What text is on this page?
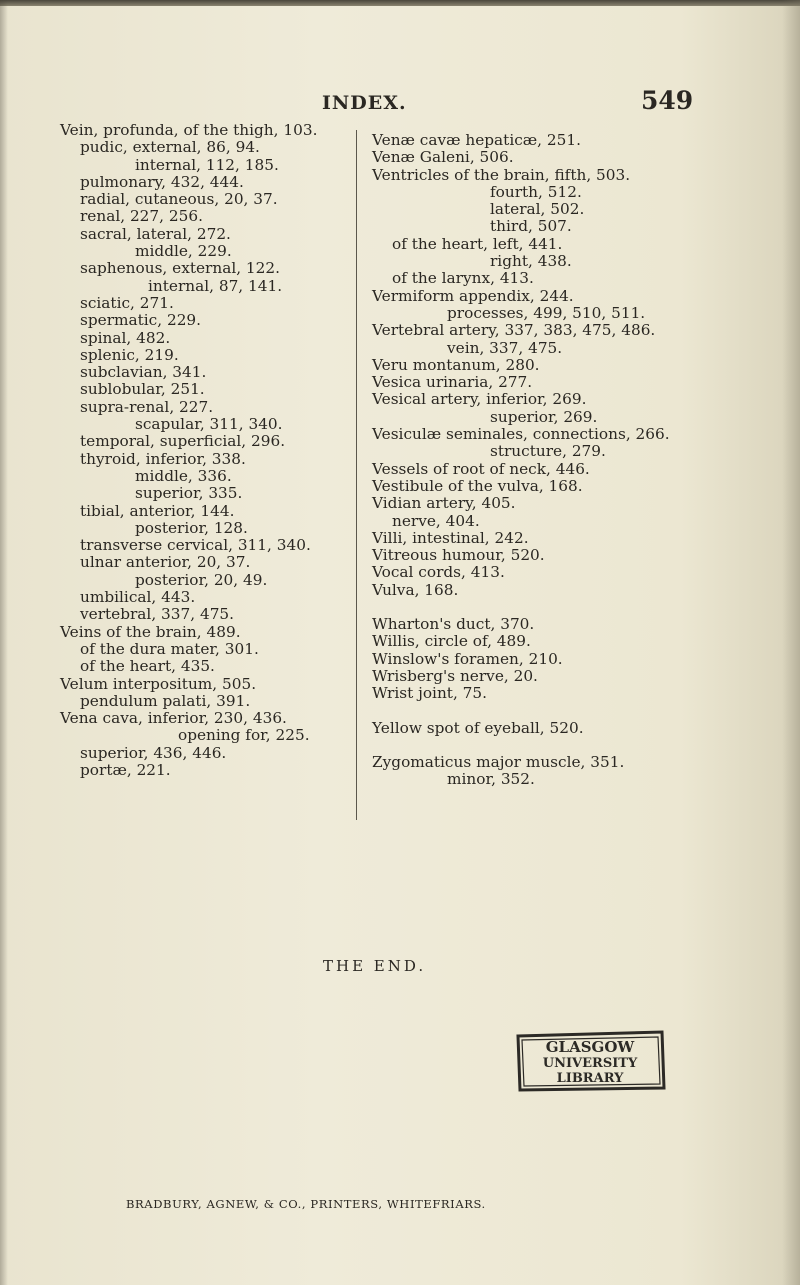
INDEX.	549
Vein, profunda, of the thigh, 103.
pudic, external, 86, 94.
internal, 112, 185.
pulmonary, 432, 444.
radial, cutaneous, 20, 37.
renal, 227, 256.
sacral, lateral, 272.
middle, 229.
saphenous, external, 122.
internal, 87, 141.
sciatic, 271.
spermatic, 229.
spinal, 482.
splenic, 219.
subclavian, 341.
sublobular, 251.
supra-renal, 227.
scapular, 311, 340.
temporal, superficial, 296.
thyroid, inferior, 338.
middle, 336.
superior, 335.
tibial, anterior, 144.
posterior, 128.
transverse cervical, 311, 340.
ulnar anterior, 20, 37.
posterior, 20, 49.
umbilical, 443.
vertebral, 337, 475.
Veins of the brain, 489.
of the dura mater, 301.
of the heart, 435.
Velum interpositum, 505.
pendulum palati, 391.
Vena cava, inferior, 230, 436.
opening for, 225.
superior, 436, 446.
portæ, 221.
Venæ cavæ hepaticæ, 251.
Venæ Galeni, 506.
Ventricles of the brain, fifth, 503.
fourth, 512.
lateral, 502.
third, 507.
of the heart, left, 441.
right, 438.
of the larynx, 413.
Vermiform appendix, 244.
processes, 499, 510, 511.
Vertebral artery, 337, 383, 475, 486.
vein, 337, 475.
Veru montanum, 280.
Vesica urinaria, 277.
Vesical artery, inferior, 269.
superior, 269.
Vesiculæ seminales, connections, 266.
structure, 279.
Vessels of root of neck, 446.
Vestibule of the vulva, 168.
Vidian artery, 405.
nerve, 404.
Villi, intestinal, 242.
Vitreous humour, 520.
Vocal cords, 413.
Vulva, 168.
Wharton's duct, 370.
Willis, circle of, 489.
Winslow's foramen, 210.
Wrisberg's nerve, 20.
Wrist joint, 75.
Yellow spot of eyeball, 520.
Zygomaticus major muscle, 351.
minor, 352.
THE END.
GLASGOW
UNIVERSITY
LIBRARY
BRADBURY, AGNEW, & CO., PRINTERS, WHITEFRIARS.
